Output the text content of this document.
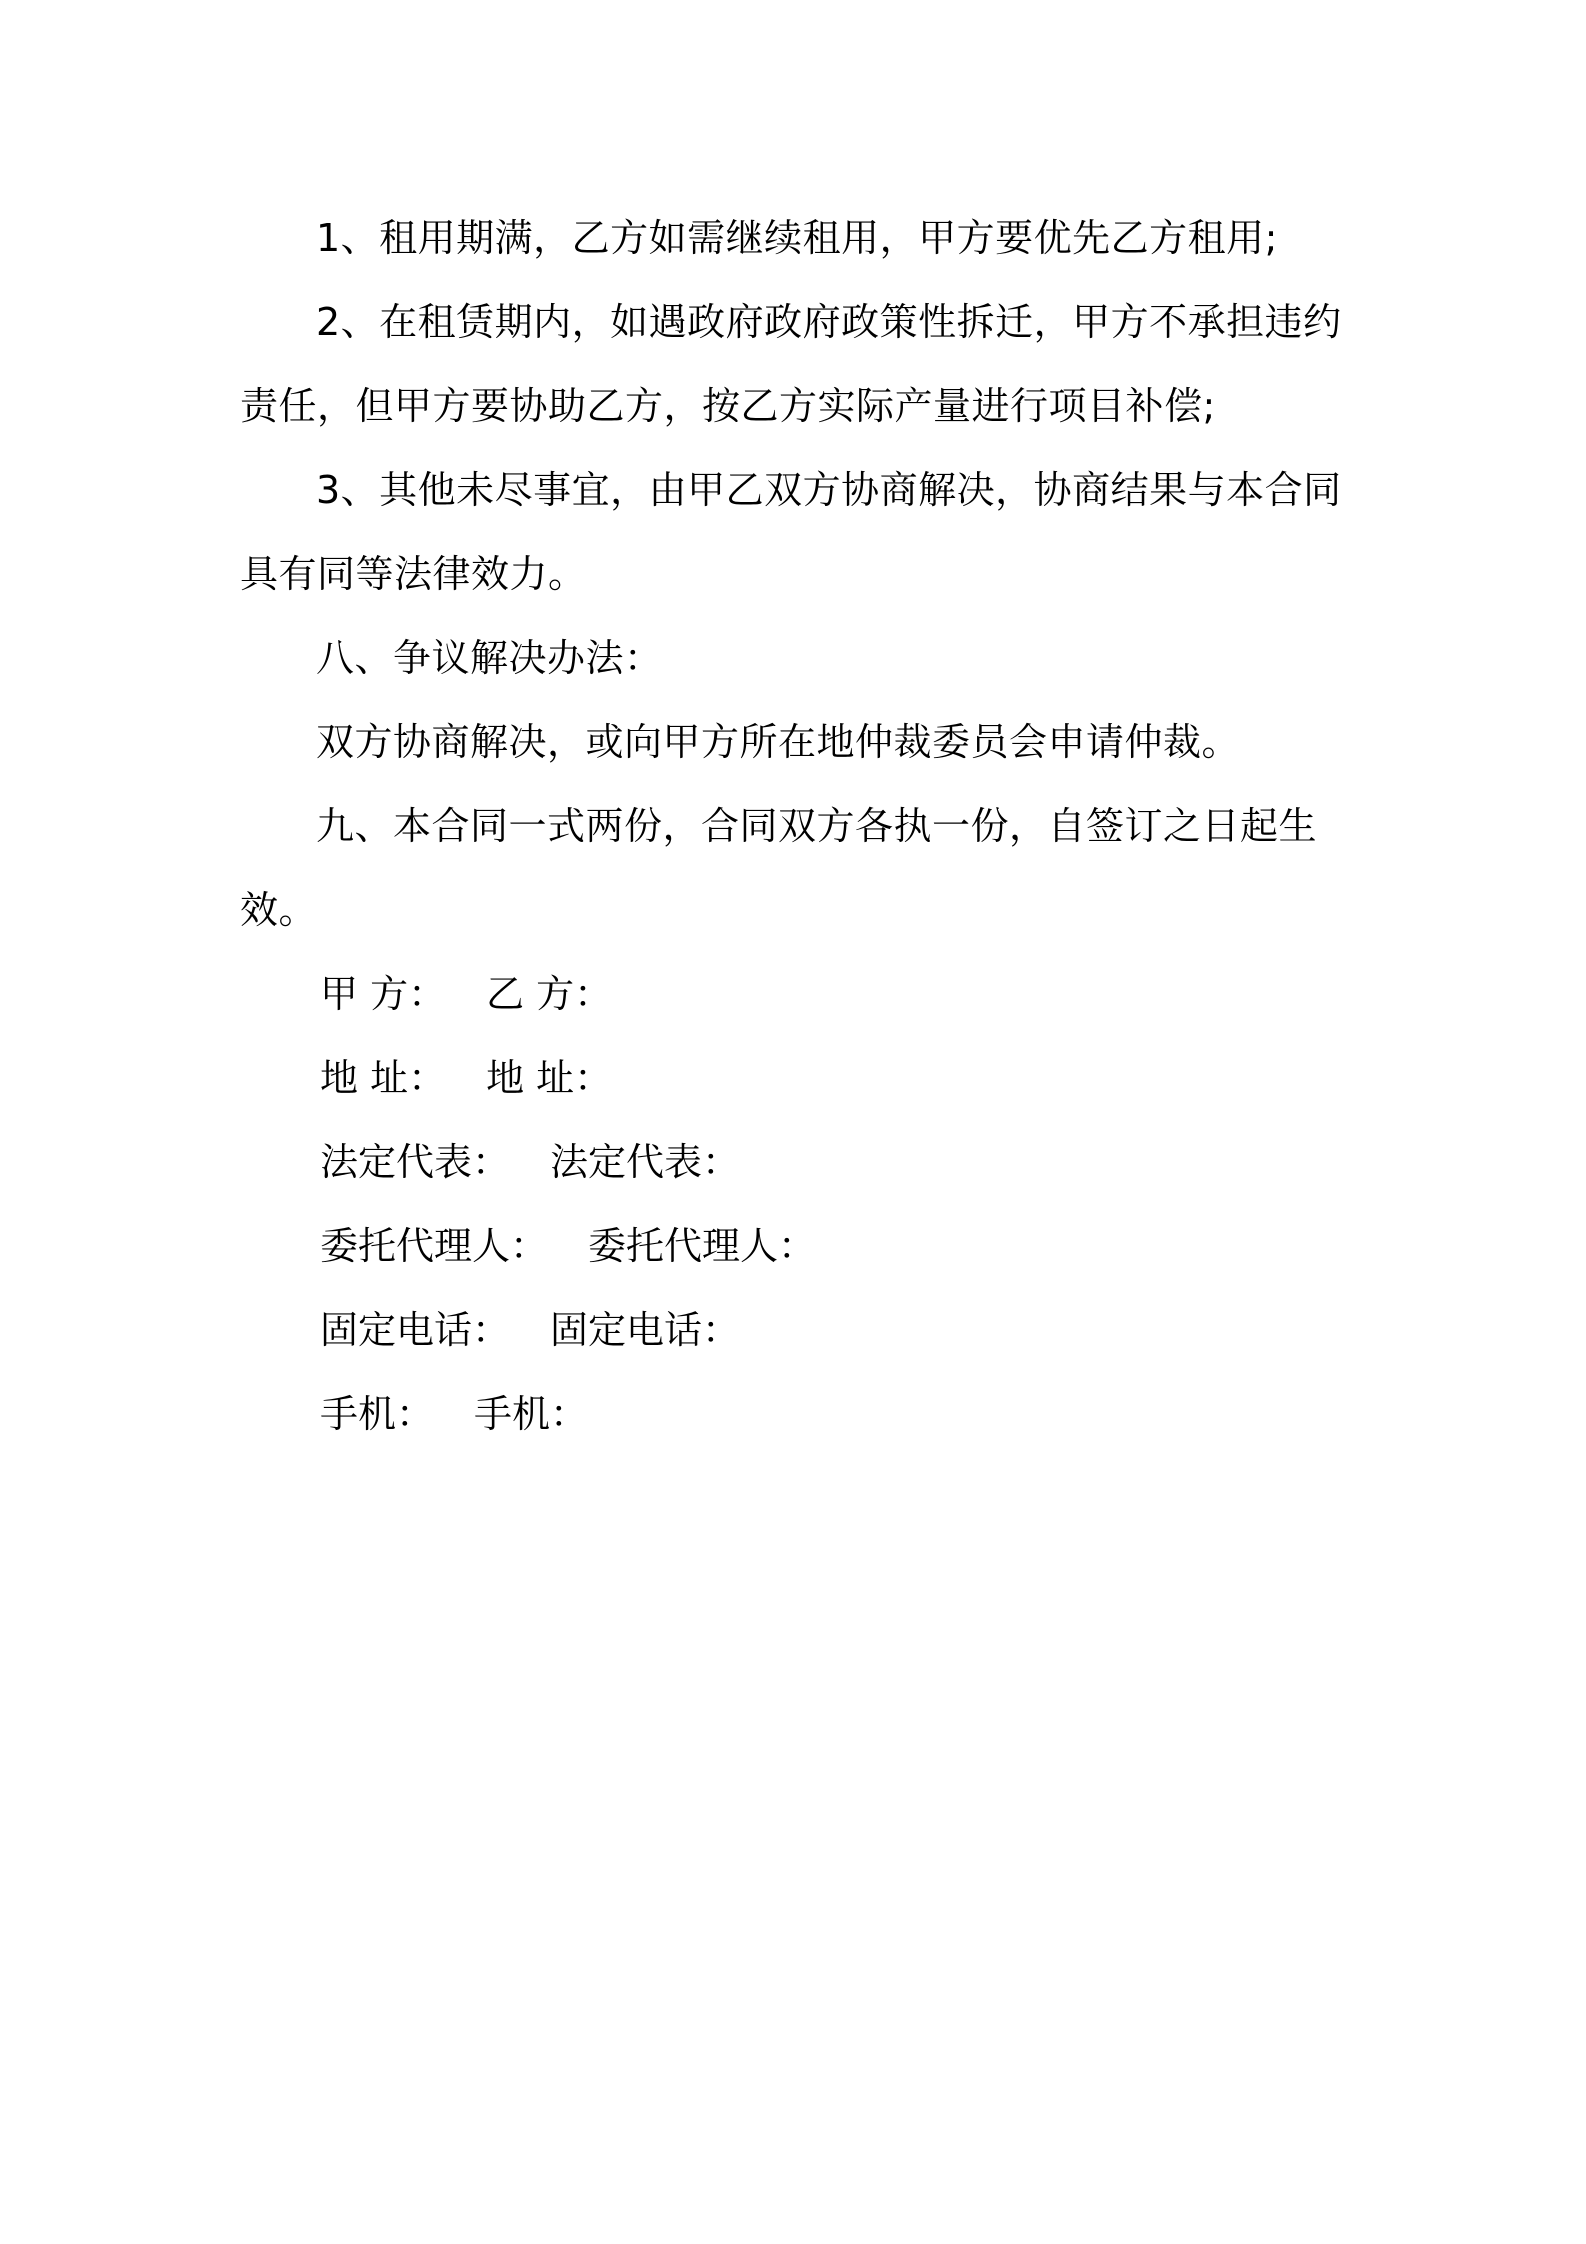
1、租用期满，乙方如需继续租用，甲方要优先乙方租用;

2、在租赁期内，如遇政府政府政策性拆迁，甲方不承担违约责任，但甲方要协助乙方，按乙方实际产量进行项目补偿;

3、其他未尽事宜，由甲乙双方协商解决，协商结果与本合同具有同等法律效力。

八、争议解决办法：

双方协商解决，或向甲方所在地仲裁委员会申请仲裁。

九、本合同一式两份，合同双方各执一份，自签订之日起生效。

甲 方： 乙 方：
地 址： 地 址：
法定代表： 法定代表：
委托代理人： 委托代理人：
固定电话： 固定电话：
手机： 手机：
